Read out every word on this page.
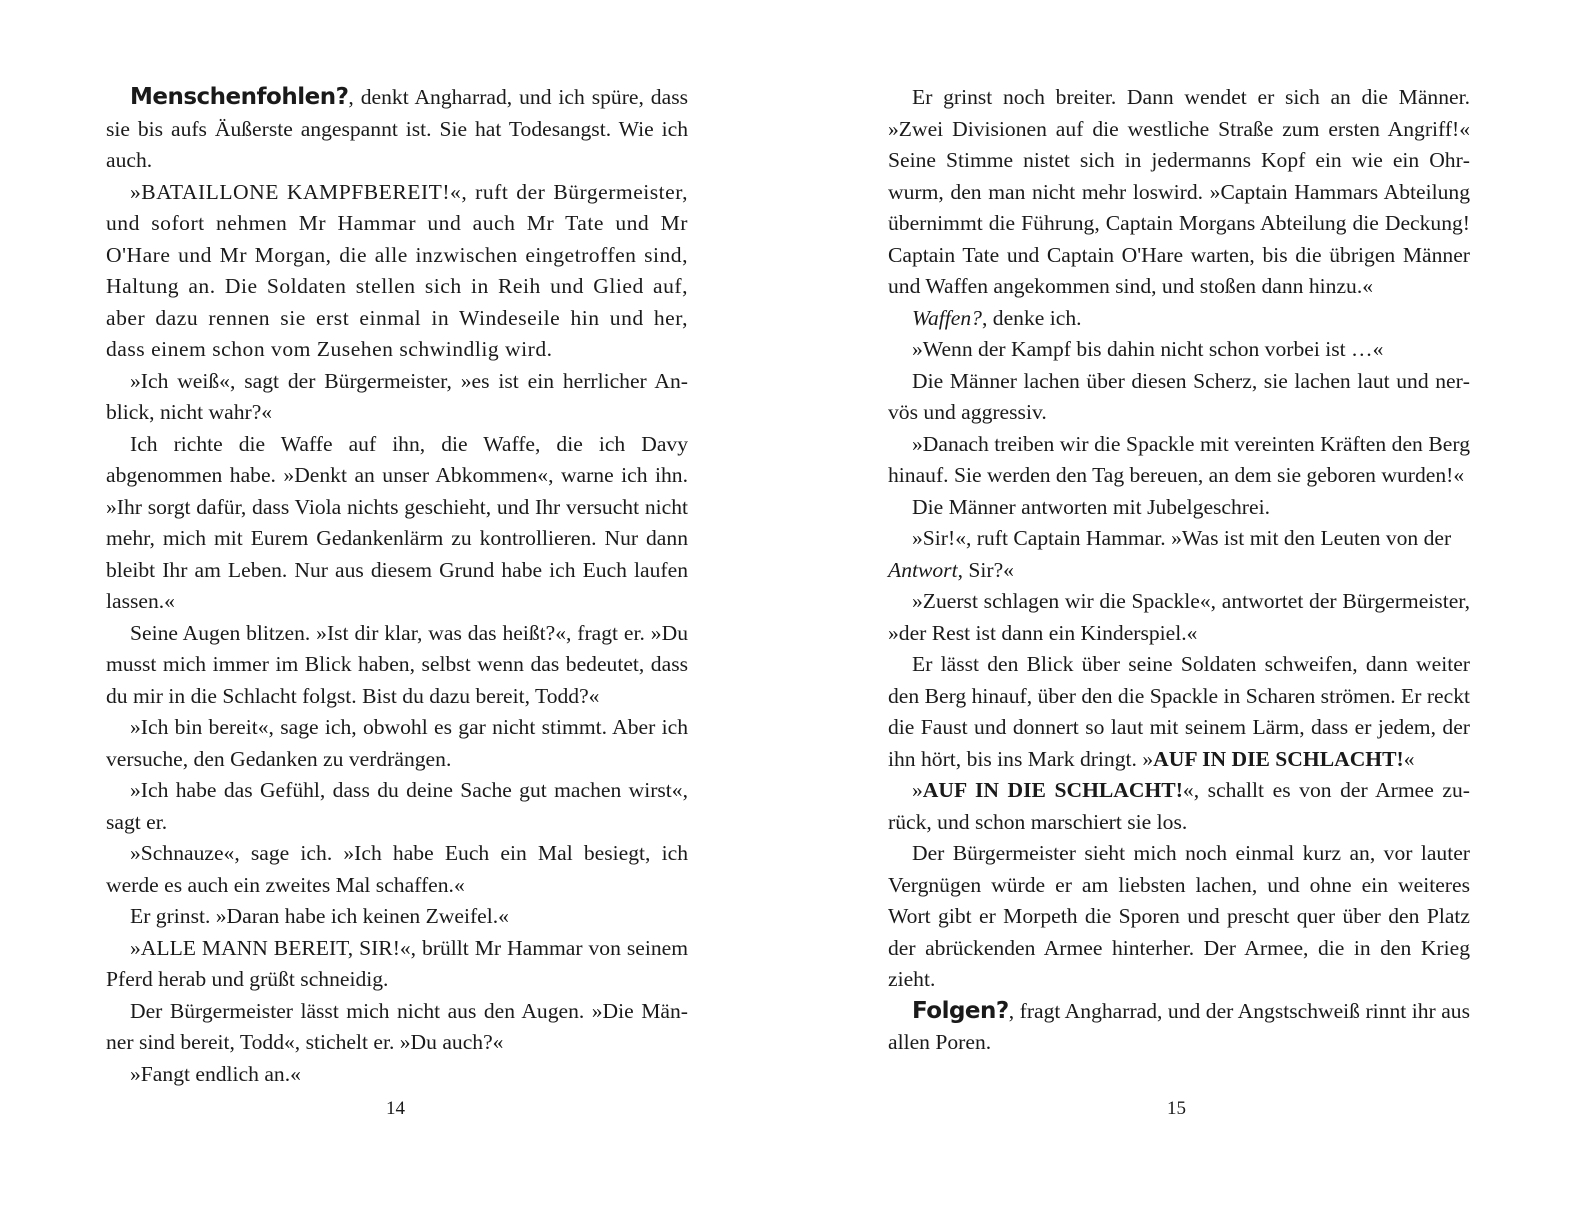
Menschenfohlen?, denkt Angharrad, und ich spüre, dass sie bis aufs Äußerste angespannt ist. Sie hat Todesangst. Wie ich auch.

»BATAILLONE KAMPFBEREIT!«, ruft der Bürgermeister, und sofort nehmen Mr Hammar und auch Mr Tate und Mr O'Hare und Mr Morgan, die alle inzwischen eingetroffen sind, Haltung an. Die Soldaten stellen sich in Reih und Glied auf, aber dazu rennen sie erst einmal in Windeseile hin und her, dass einem schon vom Zusehen schwindlig wird.

»Ich weiß«, sagt der Bürgermeister, »es ist ein herrlicher Anblick, nicht wahr?«

Ich richte die Waffe auf ihn, die Waffe, die ich Davy abgenommen habe. »Denkt an unser Abkommen«, warne ich ihn. »Ihr sorgt dafür, dass Viola nichts geschieht, und Ihr versucht nicht mehr, mich mit Eurem Gedankenlärm zu kontrollieren. Nur dann bleibt Ihr am Leben. Nur aus diesem Grund habe ich Euch laufen lassen.«

Seine Augen blitzen. »Ist dir klar, was das heißt?«, fragt er. »Du musst mich immer im Blick haben, selbst wenn das bedeutet, dass du mir in die Schlacht folgst. Bist du dazu bereit, Todd?«

»Ich bin bereit«, sage ich, obwohl es gar nicht stimmt. Aber ich versuche, den Gedanken zu verdrängen.

»Ich habe das Gefühl, dass du deine Sache gut machen wirst«, sagt er.

»Schnauze«, sage ich. »Ich habe Euch ein Mal besiegt, ich werde es auch ein zweites Mal schaffen.«

Er grinst. »Daran habe ich keinen Zweifel.«

»ALLE MANN BEREIT, SIR!«, brüllt Mr Hammar von seinem Pferd herab und grüßt schneidig.

Der Bürgermeister lässt mich nicht aus den Augen. »Die Männer sind bereit, Todd«, stichelt er. »Du auch?«

»Fangt endlich an.«

Er grinst noch breiter. Dann wendet er sich an die Männer. »Zwei Divisionen auf die westliche Straße zum ersten Angriff!« Seine Stimme nistet sich in jedermanns Kopf ein wie ein Ohrwurm, den man nicht mehr loswird. »Captain Hammars Abteilung übernimmt die Führung, Captain Morgans Abteilung die Deckung! Captain Tate und Captain O'Hare warten, bis die übrigen Männer und Waffen angekommen sind, und stoßen dann hinzu.«

Waffen?, denke ich.

»Wenn der Kampf bis dahin nicht schon vorbei ist …«

Die Männer lachen über diesen Scherz, sie lachen laut und nervös und aggressiv.

»Danach treiben wir die Spackle mit vereinten Kräften den Berg hinauf. Sie werden den Tag bereuen, an dem sie geboren wurden!«

Die Männer antworten mit Jubelgeschrei.

»Sir!«, ruft Captain Hammar. »Was ist mit den Leuten von der

Antwort, Sir?«

»Zuerst schlagen wir die Spackle«, antwortet der Bürgermeister, »der Rest ist dann ein Kinderspiel.«

Er lässt den Blick über seine Soldaten schweifen, dann weiter den Berg hinauf, über den die Spackle in Scharen strömen. Er reckt die Faust und donnert so laut mit seinem Lärm, dass er jedem, der ihn hört, bis ins Mark dringt. »AUF IN DIE SCHLACHT!«

»AUF IN DIE SCHLACHT!«, schallt es von der Armee zurück, und schon marschiert sie los.

Der Bürgermeister sieht mich noch einmal kurz an, vor lauter Vergnügen würde er am liebsten lachen, und ohne ein weiteres Wort gibt er Morpeth die Sporen und prescht quer über den Platz der abrückenden Armee hinterher. Der Armee, die in den Krieg zieht.

Folgen?, fragt Angharrad, und der Angstschweiß rinnt ihr aus allen Poren.

14	15
